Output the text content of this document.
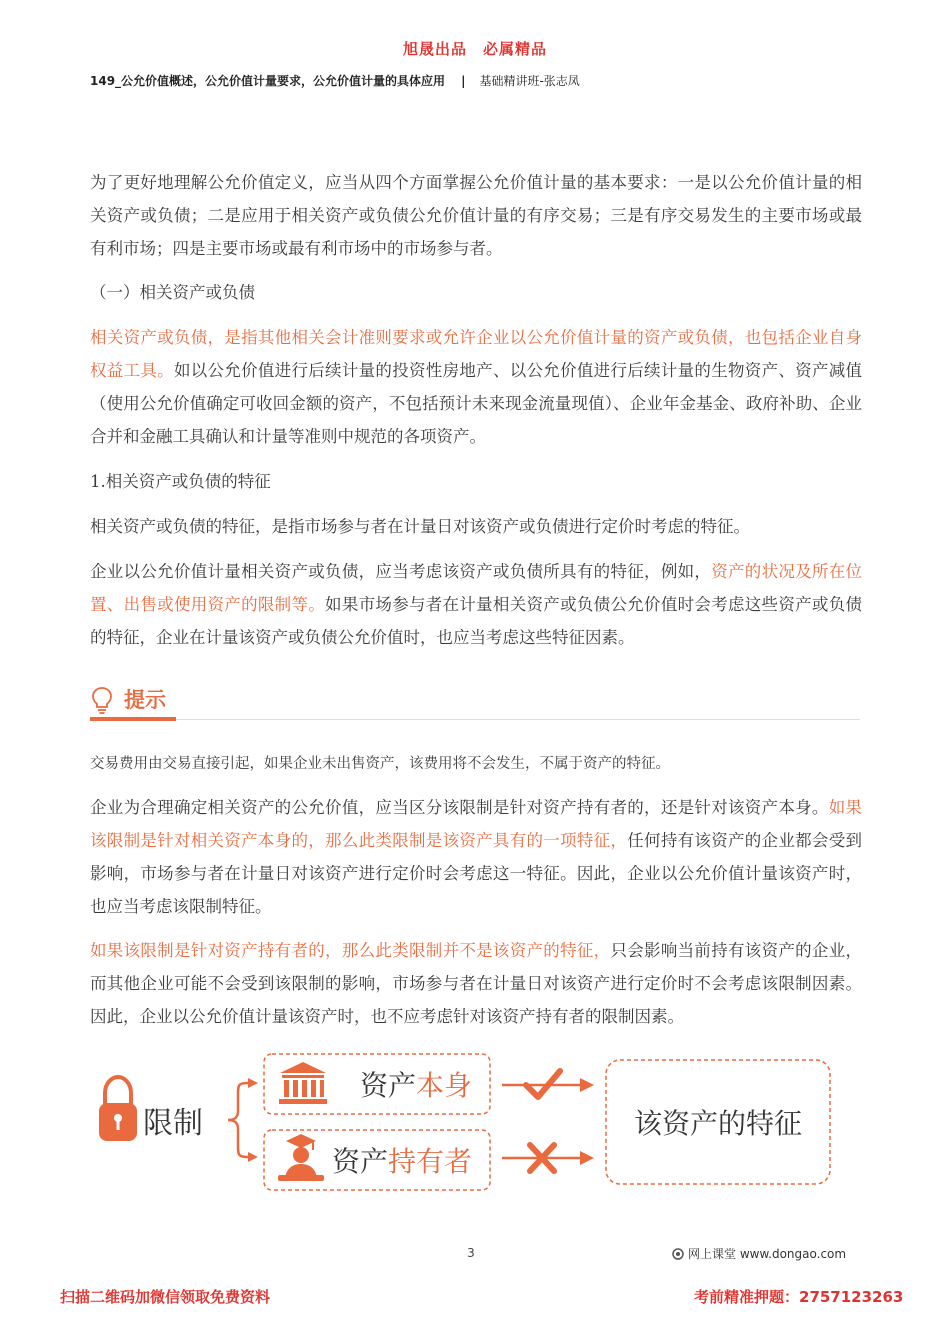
旭晟出品　必属精品
149_公允价值概述，公允价值计量要求，公允价值计量的具体应用 | 基础精讲班-张志凤
为了更好地理解公允价值定义，应当从四个方面掌握公允价值计量的基本要求：一是以公允价值计量的相关资产或负债；二是应用于相关资产或负债公允价值计量的有序交易；三是有序交易发生的主要市场或最有利市场；四是主要市场或最有利市场中的市场参与者。
（一）相关资产或负债
相关资产或负债，是指其他相关会计准则要求或允许企业以公允价值计量的资产或负债，也包括企业自身权益工具。如以公允价值进行后续计量的投资性房地产、以公允价值进行后续计量的生物资产、资产减值（使用公允价值确定可收回金额的资产，不包括预计未来现金流量现值）、企业年金基金、政府补助、企业合并和金融工具确认和计量等准则中规范的各项资产。
1.相关资产或负债的特征
相关资产或负债的特征，是指市场参与者在计量日对该资产或负债进行定价时考虑的特征。
企业以公允价值计量相关资产或负债，应当考虑该资产或负债所具有的特征，例如，资产的状况及所在位置、出售或使用资产的限制等。如果市场参与者在计量相关资产或负债公允价值时会考虑这些资产或负债的特征，企业在计量该资产或负债公允价值时，也应当考虑这些特征因素。
提示
交易费用由交易直接引起，如果企业未出售资产，该费用将不会发生，不属于资产的特征。
企业为合理确定相关资产的公允价值，应当区分该限制是针对资产持有者的，还是针对该资产本身。如果该限制是针对相关资产本身的，那么此类限制是该资产具有的一项特征，任何持有该资产的企业都会受到影响，市场参与者在计量日对该资产进行定价时会考虑这一特征。因此，企业以公允价值计量该资产时，也应当考虑该限制特征。
如果该限制是针对资产持有者的，那么此类限制并不是该资产的特征，只会影响当前持有该资产的企业，而其他企业可能不会受到该限制的影响，市场参与者在计量日对该资产进行定价时不会考虑该限制因素。因此，企业以公允价值计量该资产时，也不应考虑针对该资产持有者的限制因素。
限制
资产本身
资产持有者
该资产的特征
3	网上课堂 www.dongao.com
扫描二维码加微信领取免费资料	考前精准押题：2757123263
